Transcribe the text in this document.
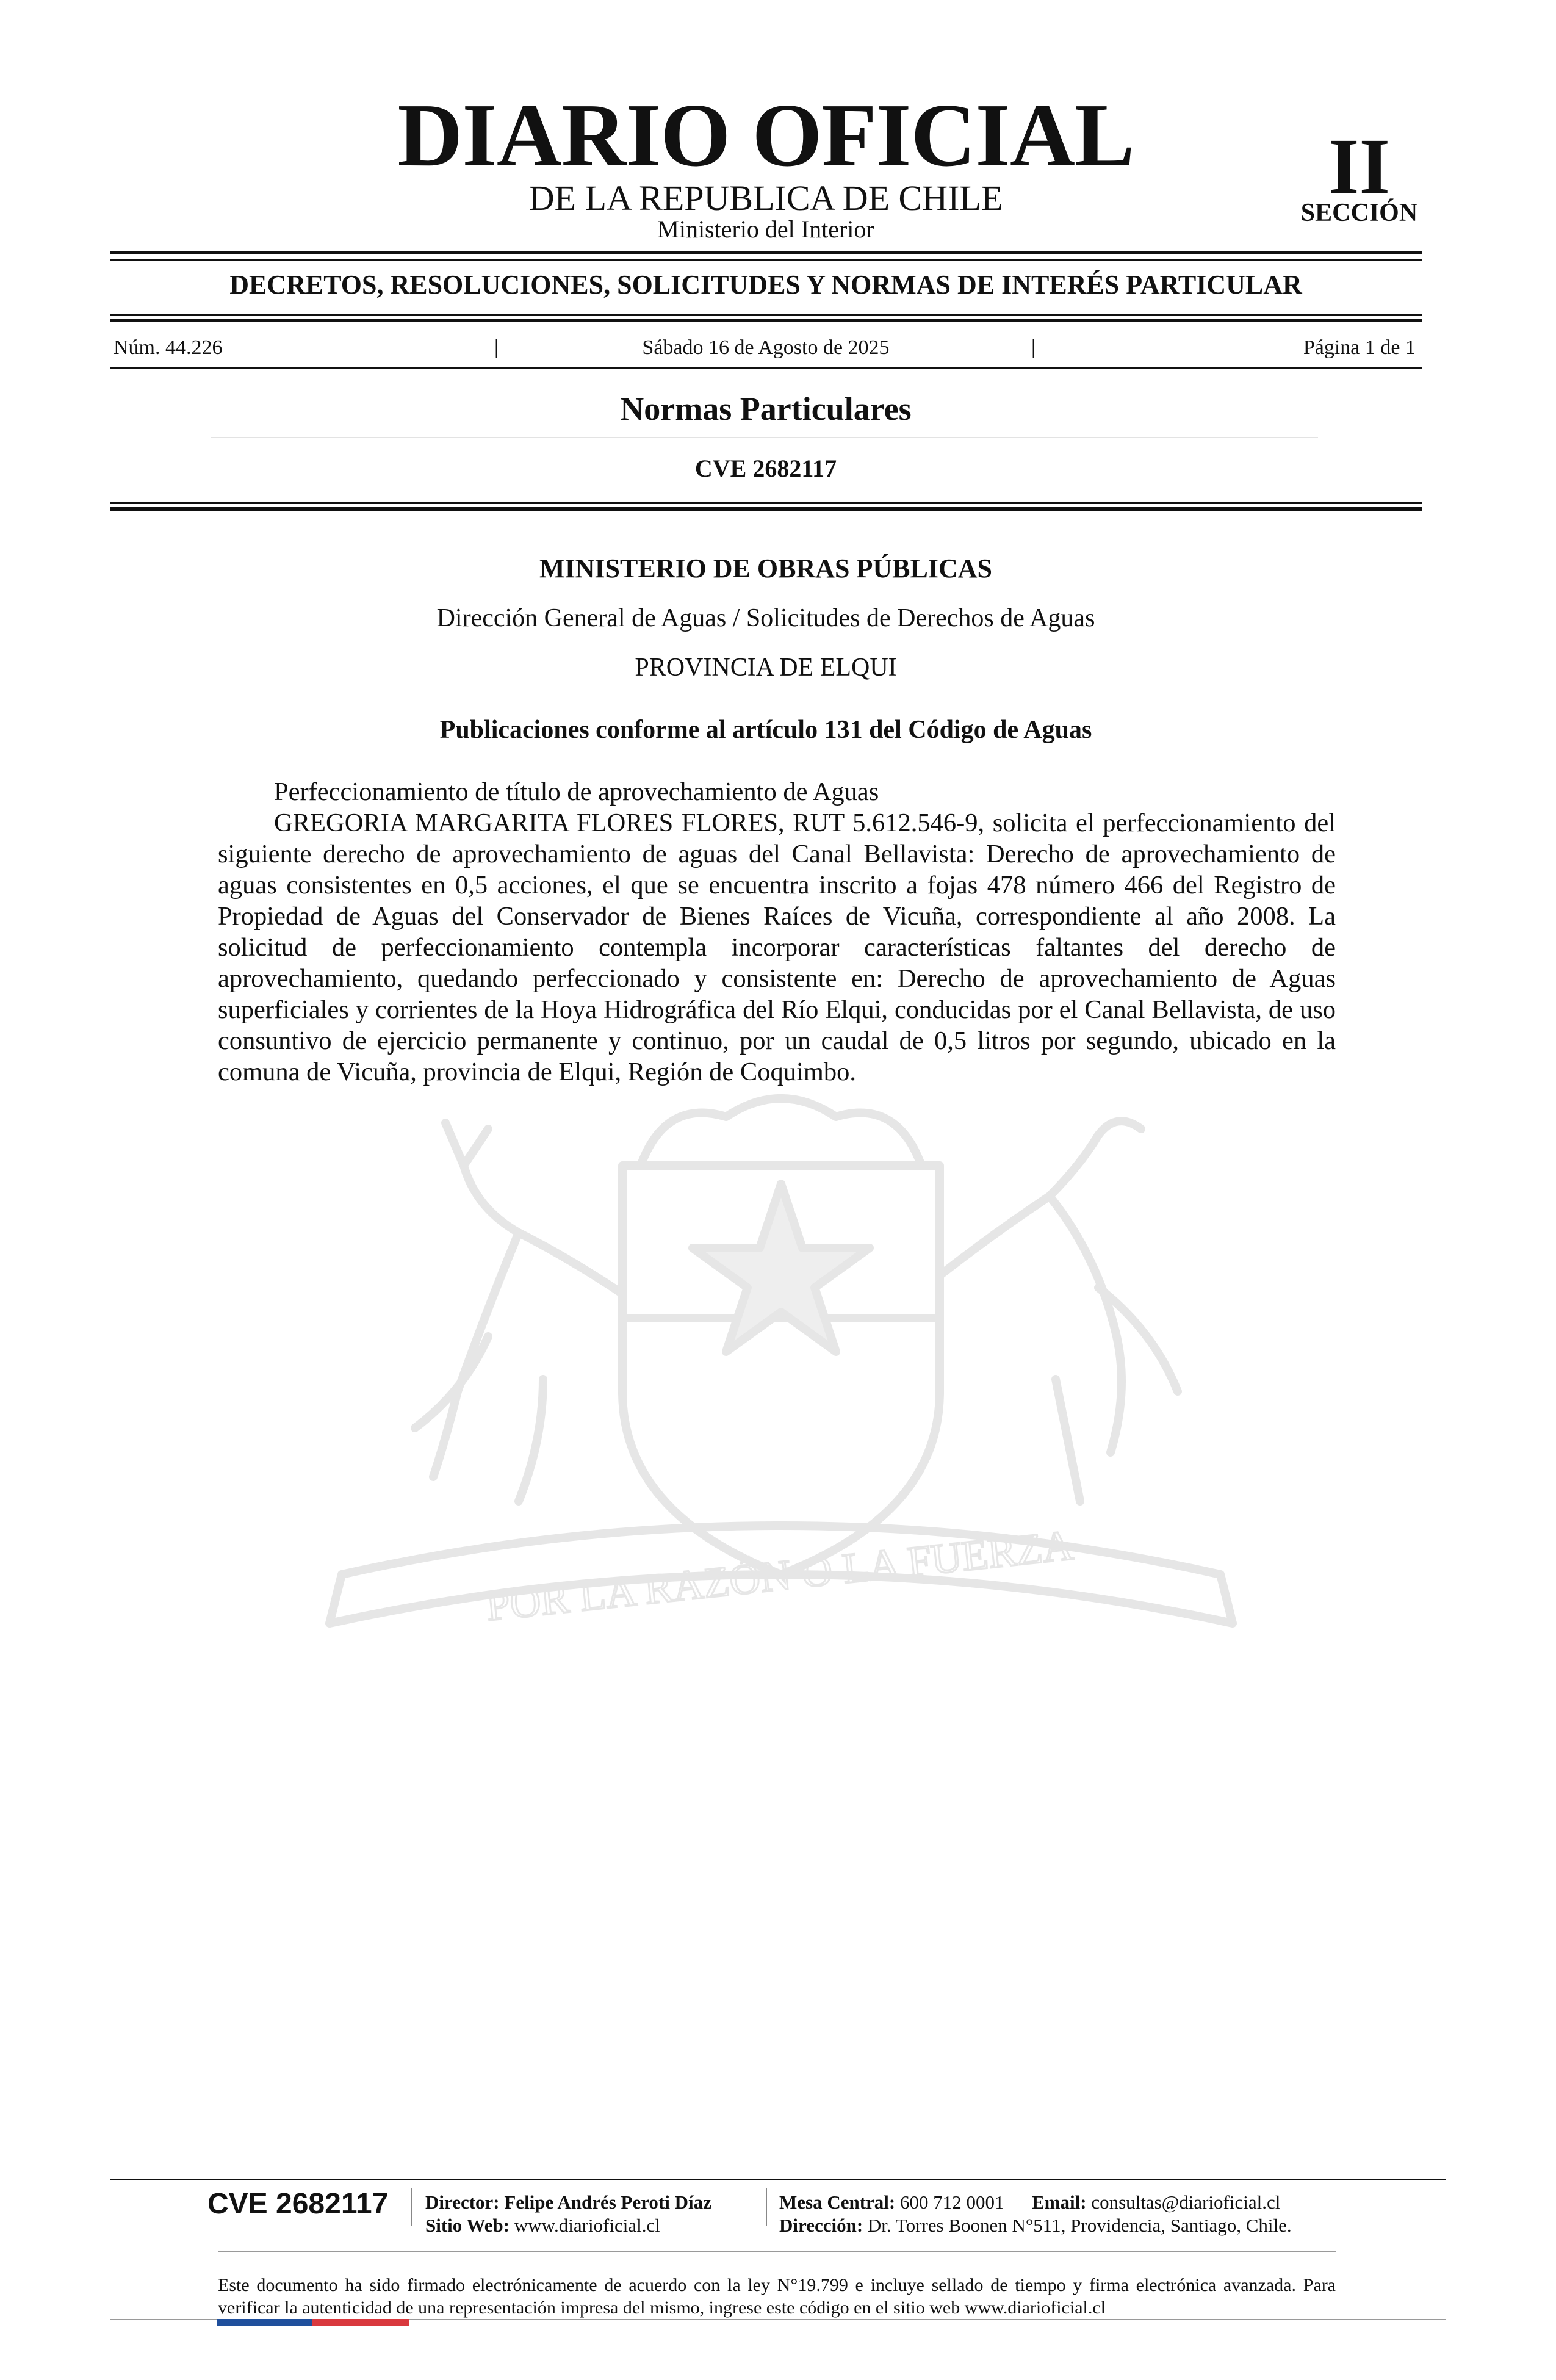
POR LA RAZÓN O LA FUERZA
DIARIO OFICIAL
DE LA REPUBLICA DE CHILE
Ministerio del Interior
II
SECCIÓN
DECRETOS, RESOLUCIONES, SOLICITUDES Y NORMAS DE INTERÉS PARTICULAR
Núm. 44.226	|	Sábado 16 de Agosto de 2025	|	Página 1 de 1
Normas Particulares
CVE 2682117
MINISTERIO DE OBRAS PÚBLICAS
Dirección General de Aguas / Solicitudes de Derechos de Aguas
PROVINCIA DE ELQUI
Publicaciones conforme al artículo 131 del Código de Aguas

Perfeccionamiento de título de aprovechamiento de Aguas

GREGORIA MARGARITA FLORES FLORES, RUT 5.612.546-9, solicita el perfeccionamiento del siguiente derecho de aprovechamiento de aguas del Canal Bellavista: Derecho de aprovechamiento de aguas consistentes en 0,5 acciones, el que se encuentra inscrito a fojas 478 número 466 del Registro de Propiedad de Aguas del Conservador de Bienes Raíces de Vicuña, correspondiente al año 2008. La solicitud de perfeccionamiento contempla incorporar características faltantes del derecho de aprovechamiento, quedando perfeccionado y consistente en: Derecho de aprovechamiento de Aguas superficiales y corrientes de la Hoya Hidrográfica del Río Elqui, conducidas por el Canal Bellavista, de uso consuntivo de ejercicio permanente y continuo, por un caudal de 0,5 litros por segundo, ubicado en la comuna de Vicuña, provincia de Elqui, Región de Coquimbo.

CVE 2682117	Director: Felipe Andrés Peroti Díaz
Sitio Web: www.diarioficial.cl
Mesa Central: 600 712 0001 Email: consultas@diarioficial.cl
Dirección: Dr. Torres Boonen N°511, Providencia, Santiago, Chile.
Este documento ha sido firmado electrónicamente de acuerdo con la ley N°19.799 e incluye sellado de tiempo y firma electrónica avanzada. Para verificar la autenticidad de una representación impresa del mismo, ingrese este código en el sitio web www.diarioficial.cl
